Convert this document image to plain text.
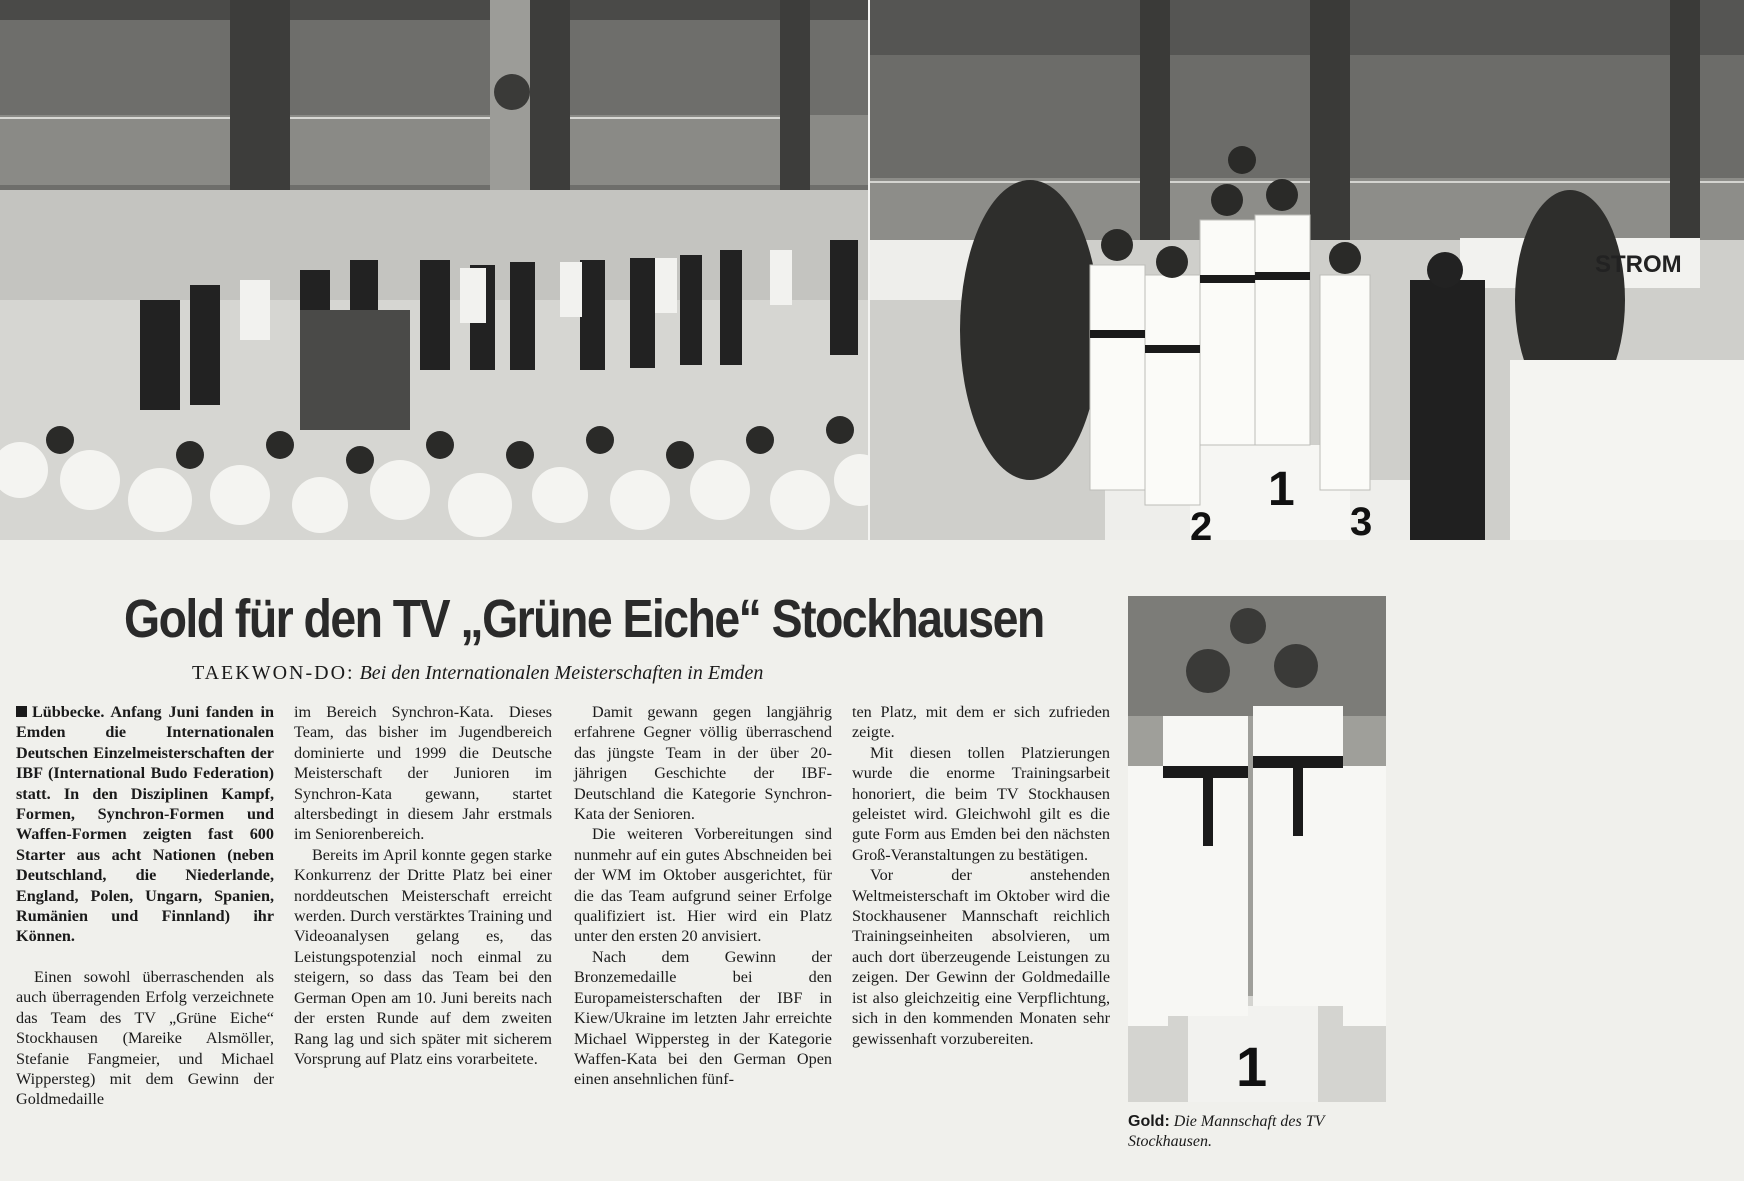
2
1
3
STROM
Gold für den TV „Grüne Eiche“ Stockhausen
TAEKWON-DO: Bei den Internationalen Meisterschaften in Emden

Lübbecke. Anfang Juni fanden in Emden die Internationalen Deutschen Einzelmeisterschaften der IBF (International Budo Federation) statt. In den Disziplinen Kampf, Formen, Synchron-Formen und Waffen-Formen zeigten fast 600 Starter aus acht Nationen (neben Deutschland, die Niederlande, England, Polen, Ungarn, Spanien, Rumänien und Finnland) ihr Können.

Einen sowohl überraschenden als auch überragenden Erfolg verzeichnete das Team des TV „Grüne Eiche“ Stockhausen (Mareike Alsmöller, Stefanie Fangmeier, und Michael Wippersteg) mit dem Gewinn der Goldmedaille

im Bereich Synchron-Kata. Dieses Team, das bisher im Jugendbereich dominierte und 1999 die Deutsche Meisterschaft der Junioren im Synchron-Kata gewann, startet altersbedingt in diesem Jahr erstmals im Seniorenbereich.

Bereits im April konnte gegen starke Konkurrenz der Dritte Platz bei einer norddeutschen Meisterschaft erreicht werden. Durch verstärktes Training und Videoanalysen gelang es, das Leistungspotenzial noch einmal zu steigern, so dass das Team bei den German Open am 10. Juni bereits nach der ersten Runde auf dem zweiten Rang lag und sich später mit sicherem Vorsprung auf Platz eins vorarbeitete.

Damit gewann gegen langjährig erfahrene Gegner völlig überraschend das jüngste Team in der über 20-jährigen Geschichte der IBF-Deutschland die Kategorie Synchron-Kata der Senioren.

Die weiteren Vorbereitungen sind nunmehr auf ein gutes Abschneiden bei der WM im Oktober ausgerichtet, für die das Team aufgrund seiner Erfolge qualifiziert ist. Hier wird ein Platz unter den ersten 20 anvisiert.

Nach dem Gewinn der Bronzemedaille bei den Europameisterschaften der IBF in Kiew/Ukraine im letzten Jahr erreichte Michael Wippersteg in der Kategorie Waffen-Kata bei den German Open einen ansehnlichen fünf-

ten Platz, mit dem er sich zufrieden zeigte.

Mit diesen tollen Platzierungen wurde die enorme Trainingsarbeit honoriert, die beim TV Stockhausen geleistet wird. Gleichwohl gilt es die gute Form aus Emden bei den nächsten Groß-Veranstaltungen zu bestätigen.

Vor der anstehenden Weltmeisterschaft im Oktober wird die Stockhausener Mannschaft reichlich Trainingseinheiten absolvieren, um auch dort überzeugende Leistungen zu zeigen. Der Gewinn der Goldmedaille ist also gleichzeitig eine Verpflichtung, sich in den kommenden Monaten sehr gewissenhaft vorzubereiten.	1
Gold: Die Mannschaft des TV Stockhausen.
